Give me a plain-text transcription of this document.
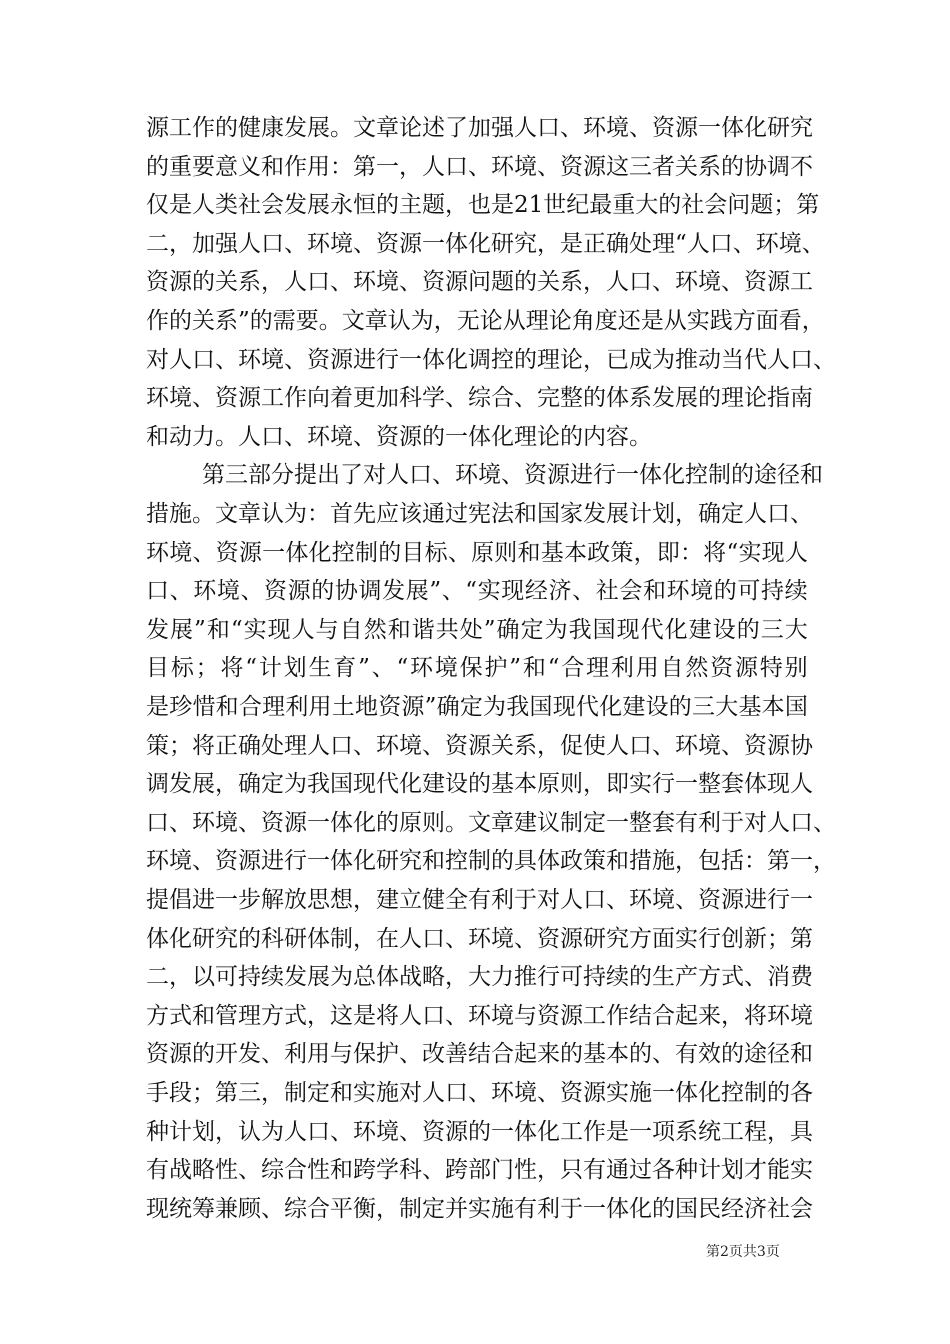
源 工 作 的 健 康 发 展 。 文 章 论 述 了 加 强 人 口 、 环 境 、 资 源 一 体 化 研 究
的 重 要 意 义 和 作 用 ： 第 一 ， 人 口 、 环 境 、 资 源 这 三 者 关 系 的 协 调 不
仅 是 人 类 社 会 发 展 永 恒 的 主 题 ， 也 是 2 1 世 纪 最 重 大 的 社 会 问 题 ； 第
二 ， 加 强 人 口 、 环 境 、 资 源 一 体 化 研 究 ， 是 正 确 处 理 “ 人 口 、 环 境 、
资 源 的 关 系 ， 人 口 、 环 境 、 资 源 问 题 的 关 系 ， 人 口 、 环 境 、 资 源 工
作 的 关 系 ” 的 需 要 。 文 章 认 为 ， 无 论 从 理 论 角 度 还 是 从 实 践 方 面 看 ，
对 人 口 、 环 境 、 资 源 进 行 一 体 化 调 控 的 理 论 ， 已 成 为 推 动 当 代 人 口 、
环 境 、 资 源 工 作 向 着 更 加 科 学 、 综 合 、 完 整 的 体 系 发 展 的 理 论 指 南
和动力。人口、环境、资源的一体化理论的内容。
第 三 部 分 提 出 了 对 人 口 、 环 境 、 资 源 进 行 一 体 化 控 制 的 途 径 和
措 施 。 文 章 认 为 ： 首 先 应 该 通 过 宪 法 和 国 家 发 展 计 划 ， 确 定 人 口 、
环 境 、 资 源 一 体 化 控 制 的 目 标 、 原 则 和 基 本 政 策 ， 即 ： 将 “ 实 现 人
口 、 环 境 、 资 源 的 协 调 发 展 ” 、 “ 实 现 经 济 、 社 会 和 环 境 的 可 持 续
发 展 ” 和 “ 实 现 人 与 自 然 和 谐 共 处 ” 确 定 为 我 国 现 代 化 建 设 的 三 大
目 标 ； 将 “ 计 划 生 育 ” 、 “ 环 境 保 护 ” 和 “ 合 理 利 用 自 然 资 源 特 别
是 珍 惜 和 合 理 利 用 土 地 资 源 ” 确 定 为 我 国 现 代 化 建 设 的 三 大 基 本 国
策 ； 将 正 确 处 理 人 口 、 环 境 、 资 源 关 系 ， 促 使 人 口 、 环 境 、 资 源 协
调 发 展 ， 确 定 为 我 国 现 代 化 建 设 的 基 本 原 则 ， 即 实 行 一 整 套 体 现 人
口 、 环 境 、 资 源 一 体 化 的 原 则 。 文 章 建 议 制 定 一 整 套 有 利 于 对 人 口 、
环 境 、 资 源 进 行 一 体 化 研 究 和 控 制 的 具 体 政 策 和 措 施 ， 包 括 ： 第 一 ，
提 倡 进 一 步 解 放 思 想 ， 建 立 健 全 有 利 于 对 人 口 、 环 境 、 资 源 进 行 一
体 化 研 究 的 科 研 体 制 ， 在 人 口 、 环 境 、 资 源 研 究 方 面 实 行 创 新 ； 第
二 ， 以 可 持 续 发 展 为 总 体 战 略 ， 大 力 推 行 可 持 续 的 生 产 方 式 、 消 费
方 式 和 管 理 方 式 ， 这 是 将 人 口 、 环 境 与 资 源 工 作 结 合 起 来 ， 将 环 境
资 源 的 开 发 、 利 用 与 保 护 、 改 善 结 合 起 来 的 基 本 的 、 有 效 的 途 径 和
手 段 ； 第 三 ， 制 定 和 实 施 对 人 口 、 环 境 、 资 源 实 施 一 体 化 控 制 的 各
种 计 划 ， 认 为 人 口 、 环 境 、 资 源 的 一 体 化 工 作 是 一 项 系 统 工 程 ， 具
有 战 略 性 、 综 合 性 和 跨 学 科 、 跨 部 门 性 ， 只 有 通 过 各 种 计 划 才 能 实
现统筹兼顾、综合平衡，制定并实施有利于一体化的国民经济社会
第2页共3页
